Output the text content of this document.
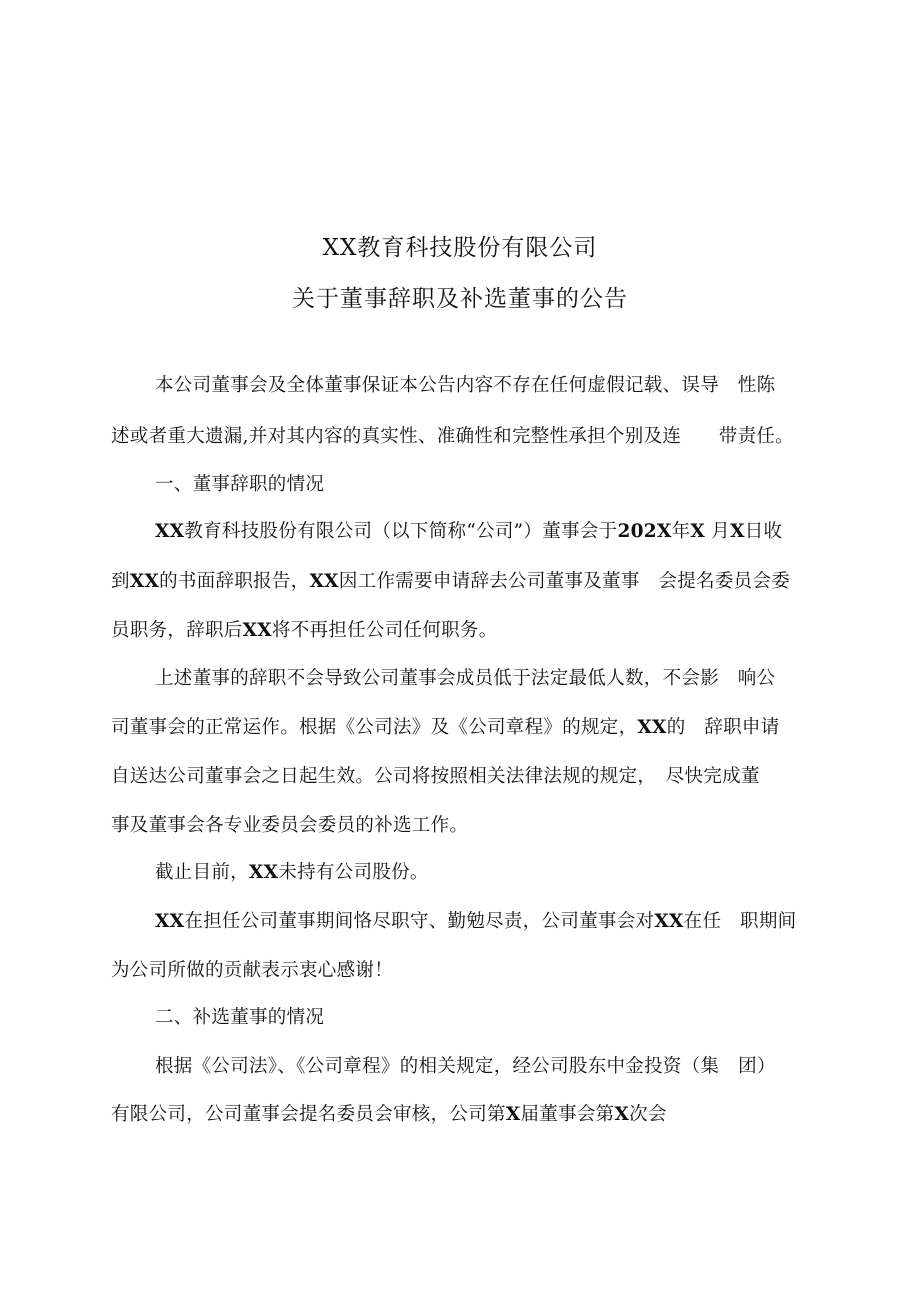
XX教育科技股份有限公司
关于董事辞职及补选董事的公告
本公司董事会及全体董事保证本公告内容不存在任何虚假记载、误导　性陈
述或者重大遗漏,并对其内容的真实性、准确性和完整性承担个别及连　　带责任。
一、董事辞职的情况
XX教育科技股份有限公司（以下简称“公司”）董事会于202X年X 月X日收
到XX的书面辞职报告，XX因工作需要申请辞去公司董事及董事　会提名委员会委
员职务，辞职后XX将不再担任公司任何职务。
上述董事的辞职不会导致公司董事会成员低于法定最低人数，不会影　响公
司董事会的正常运作。根据《公司法》及《公司章程》的规定，XX的　辞职申请
自送达公司董事会之日起生效。公司将按照相关法律法规的规定，　尽快完成董
事及董事会各专业委员会委员的补选工作。
截止目前，XX未持有公司股份。
XX在担任公司董事期间恪尽职守、勤勉尽责，公司董事会对XX在任　职期间
为公司所做的贡献表示衷心感谢！
二、补选董事的情况
根据《公司法》、《公司章程》的相关规定，经公司股东中金投资（集　团）
有限公司，公司董事会提名委员会审核，公司第X届董事会第X次会
